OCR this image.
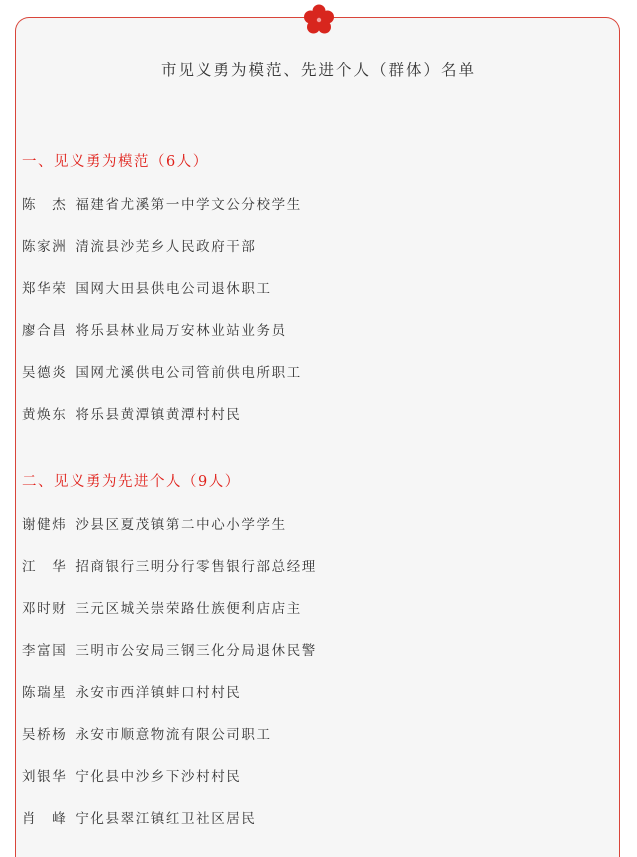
市见义勇为模范、先进个人（群体）名单
一、见义勇为模范（6人）
陈　杰 福建省尤溪第一中学文公分校学生
陈家洲 清流县沙芜乡人民政府干部
郑华荣 国网大田县供电公司退休职工
廖合昌 将乐县林业局万安林业站业务员
吴德炎 国网尤溪供电公司管前供电所职工
黄焕东 将乐县黄潭镇黄潭村村民
二、见义勇为先进个人（9人）
谢健炜 沙县区夏茂镇第二中心小学学生
江　华 招商银行三明分行零售银行部总经理
邓时财 三元区城关崇荣路仕族便利店店主
李富国 三明市公安局三钢三化分局退休民警
陈瑞星 永安市西洋镇蚌口村村民
吴桥杨 永安市顺意物流有限公司职工
刘银华 宁化县中沙乡下沙村村民
肖　峰 宁化县翠江镇红卫社区居民
